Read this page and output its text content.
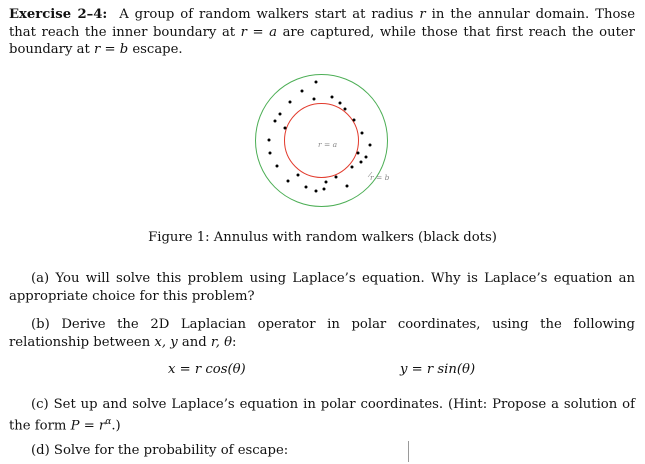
Exercise 2–4: A group of random walkers start at radius r in the annular domain. Those that reach the inner boundary at r = a are captured, while those that first reach the outer boundary at r = b escape.

r = a
r = b
Figure 1: Annulus with random walkers (black dots)

(a) You will solve this problem using Laplace’s equation. Why is Laplace’s equation an appropriate choice for this problem?

(b) Derive the 2D Laplacian operator in polar coordinates, using the following relationship between x, y and r, θ:

x = r cos(θ)	y = r sin(θ)

(c) Set up and solve Laplace’s equation in polar coordinates. (Hint: Propose a solution of the form $P = r^\alpha$.)

(d) Solve for the probability of escape:
